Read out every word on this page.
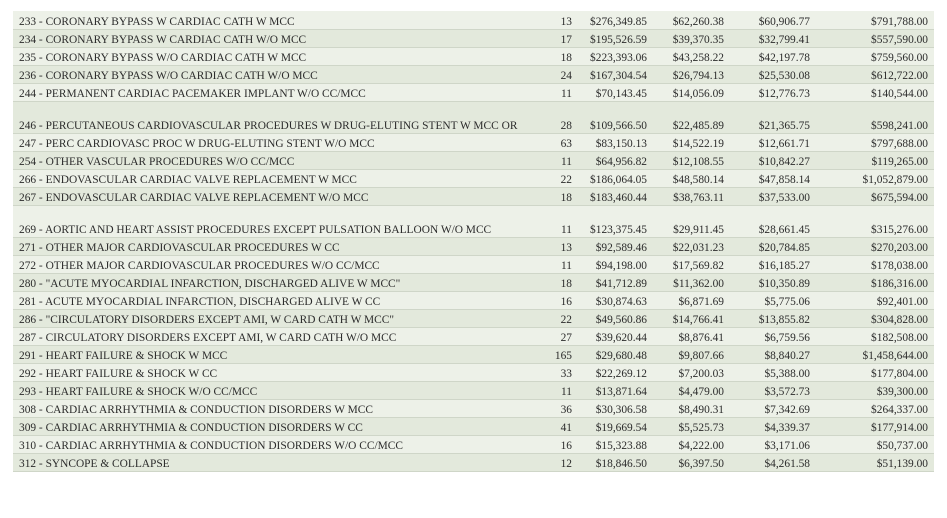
233 - CORONARY BYPASS W CARDIAC CATH W MCC	13	$276,349.85	$62,260.38	$60,906.77	$791,788.00
234 - CORONARY BYPASS W CARDIAC CATH W/O MCC	17	$195,526.59	$39,370.35	$32,799.41	$557,590.00
235 - CORONARY BYPASS W/O CARDIAC CATH W MCC	18	$223,393.06	$43,258.22	$42,197.78	$759,560.00
236 - CORONARY BYPASS W/O CARDIAC CATH W/O MCC	24	$167,304.54	$26,794.13	$25,530.08	$612,722.00
244 - PERMANENT CARDIAC PACEMAKER IMPLANT W/O CC/MCC	11	$70,143.45	$14,056.09	$12,776.73	$140,544.00
246 - PERCUTANEOUS CARDIOVASCULAR PROCEDURES W DRUG-ELUTING STENT W MCC OR	28	$109,566.50	$22,485.89	$21,365.75	$598,241.00
247 - PERC CARDIOVASC PROC W DRUG-ELUTING STENT W/O MCC	63	$83,150.13	$14,522.19	$12,661.71	$797,688.00
254 - OTHER VASCULAR PROCEDURES W/O CC/MCC	11	$64,956.82	$12,108.55	$10,842.27	$119,265.00
266 - ENDOVASCULAR CARDIAC VALVE REPLACEMENT W MCC	22	$186,064.05	$48,580.14	$47,858.14	$1,052,879.00
267 - ENDOVASCULAR CARDIAC VALVE REPLACEMENT W/O MCC	18	$183,460.44	$38,763.11	$37,533.00	$675,594.00
269 - AORTIC AND HEART ASSIST PROCEDURES EXCEPT PULSATION BALLOON W/O MCC	11	$123,375.45	$29,911.45	$28,661.45	$315,276.00
271 - OTHER MAJOR CARDIOVASCULAR PROCEDURES W CC	13	$92,589.46	$22,031.23	$20,784.85	$270,203.00
272 - OTHER MAJOR CARDIOVASCULAR PROCEDURES W/O CC/MCC	11	$94,198.00	$17,569.82	$16,185.27	$178,038.00
280 - "ACUTE MYOCARDIAL INFARCTION, DISCHARGED ALIVE W MCC"	18	$41,712.89	$11,362.00	$10,350.89	$186,316.00
281 - ACUTE MYOCARDIAL INFARCTION, DISCHARGED ALIVE W CC	16	$30,874.63	$6,871.69	$5,775.06	$92,401.00
286 - "CIRCULATORY DISORDERS EXCEPT AMI, W CARD CATH W MCC"	22	$49,560.86	$14,766.41	$13,855.82	$304,828.00
287 - CIRCULATORY DISORDERS EXCEPT AMI, W CARD CATH W/O MCC	27	$39,620.44	$8,876.41	$6,759.56	$182,508.00
291 - HEART FAILURE & SHOCK W MCC	165	$29,680.48	$9,807.66	$8,840.27	$1,458,644.00
292 - HEART FAILURE & SHOCK W CC	33	$22,269.12	$7,200.03	$5,388.00	$177,804.00
293 - HEART FAILURE & SHOCK W/O CC/MCC	11	$13,871.64	$4,479.00	$3,572.73	$39,300.00
308 - CARDIAC ARRHYTHMIA & CONDUCTION DISORDERS W MCC	36	$30,306.58	$8,490.31	$7,342.69	$264,337.00
309 - CARDIAC ARRHYTHMIA & CONDUCTION DISORDERS W CC	41	$19,669.54	$5,525.73	$4,339.37	$177,914.00
310 - CARDIAC ARRHYTHMIA & CONDUCTION DISORDERS W/O CC/MCC	16	$15,323.88	$4,222.00	$3,171.06	$50,737.00
312 - SYNCOPE & COLLAPSE	12	$18,846.50	$6,397.50	$4,261.58	$51,139.00
